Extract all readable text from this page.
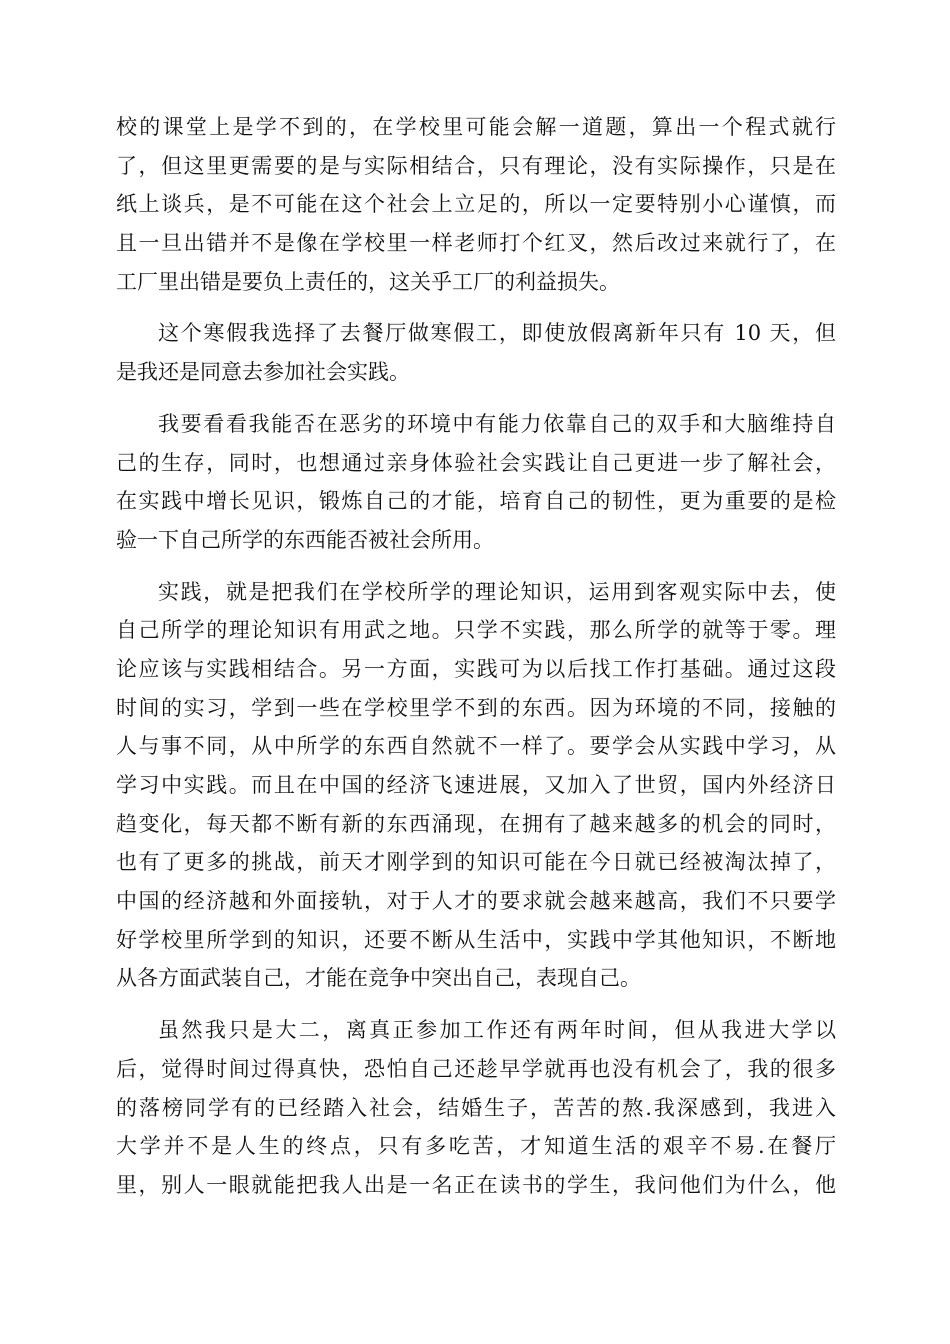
校的课堂上是学不到的，在学校里可能会解一道题，算出一个程式就行
了，但这里更需要的是与实际相结合，只有理论，没有实际操作，只是在
纸上谈兵，是不可能在这个社会上立足的，所以一定要特别小心谨慎，而
且一旦出错并不是像在学校里一样老师打个红叉，然后改过来就行了，在
工厂里出错是要负上责任的，这关乎工厂的利益损失。
这个寒假我选择了去餐厅做寒假工，即使放假离新年只有 10 天，但
是我还是同意去参加社会实践。
我要看看我能否在恶劣的环境中有能力依靠自己的双手和大脑维持自
己的生存，同时，也想通过亲身体验社会实践让自己更进一步了解社会，
在实践中增长见识，锻炼自己的才能，培育自己的韧性，更为重要的是检
验一下自己所学的东西能否被社会所用。
实践，就是把我们在学校所学的理论知识，运用到客观实际中去，使
自己所学的理论知识有用武之地。只学不实践，那么所学的就等于零。理
论应该与实践相结合。另一方面，实践可为以后找工作打基础。通过这段
时间的实习，学到一些在学校里学不到的东西。因为环境的不同，接触的
人与事不同，从中所学的东西自然就不一样了。要学会从实践中学习，从
学习中实践。而且在中国的经济飞速进展，又加入了世贸，国内外经济日
趋变化，每天都不断有新的东西涌现，在拥有了越来越多的机会的同时，
也有了更多的挑战，前天才刚学到的知识可能在今日就已经被淘汰掉了，
中国的经济越和外面接轨，对于人才的要求就会越来越高，我们不只要学
好学校里所学到的知识，还要不断从生活中，实践中学其他知识，不断地
从各方面武装自己，才能在竞争中突出自己，表现自己。
虽然我只是大二，离真正参加工作还有两年时间，但从我进大学以
后，觉得时间过得真快，恐怕自己还趁早学就再也没有机会了，我的很多
的落榜同学有的已经踏入社会，结婚生子，苦苦的熬.我深感到，我进入
大学并不是人生的终点，只有多吃苦，才知道生活的艰辛不易.在餐厅
里，别人一眼就能把我人出是一名正在读书的学生，我问他们为什么，他
